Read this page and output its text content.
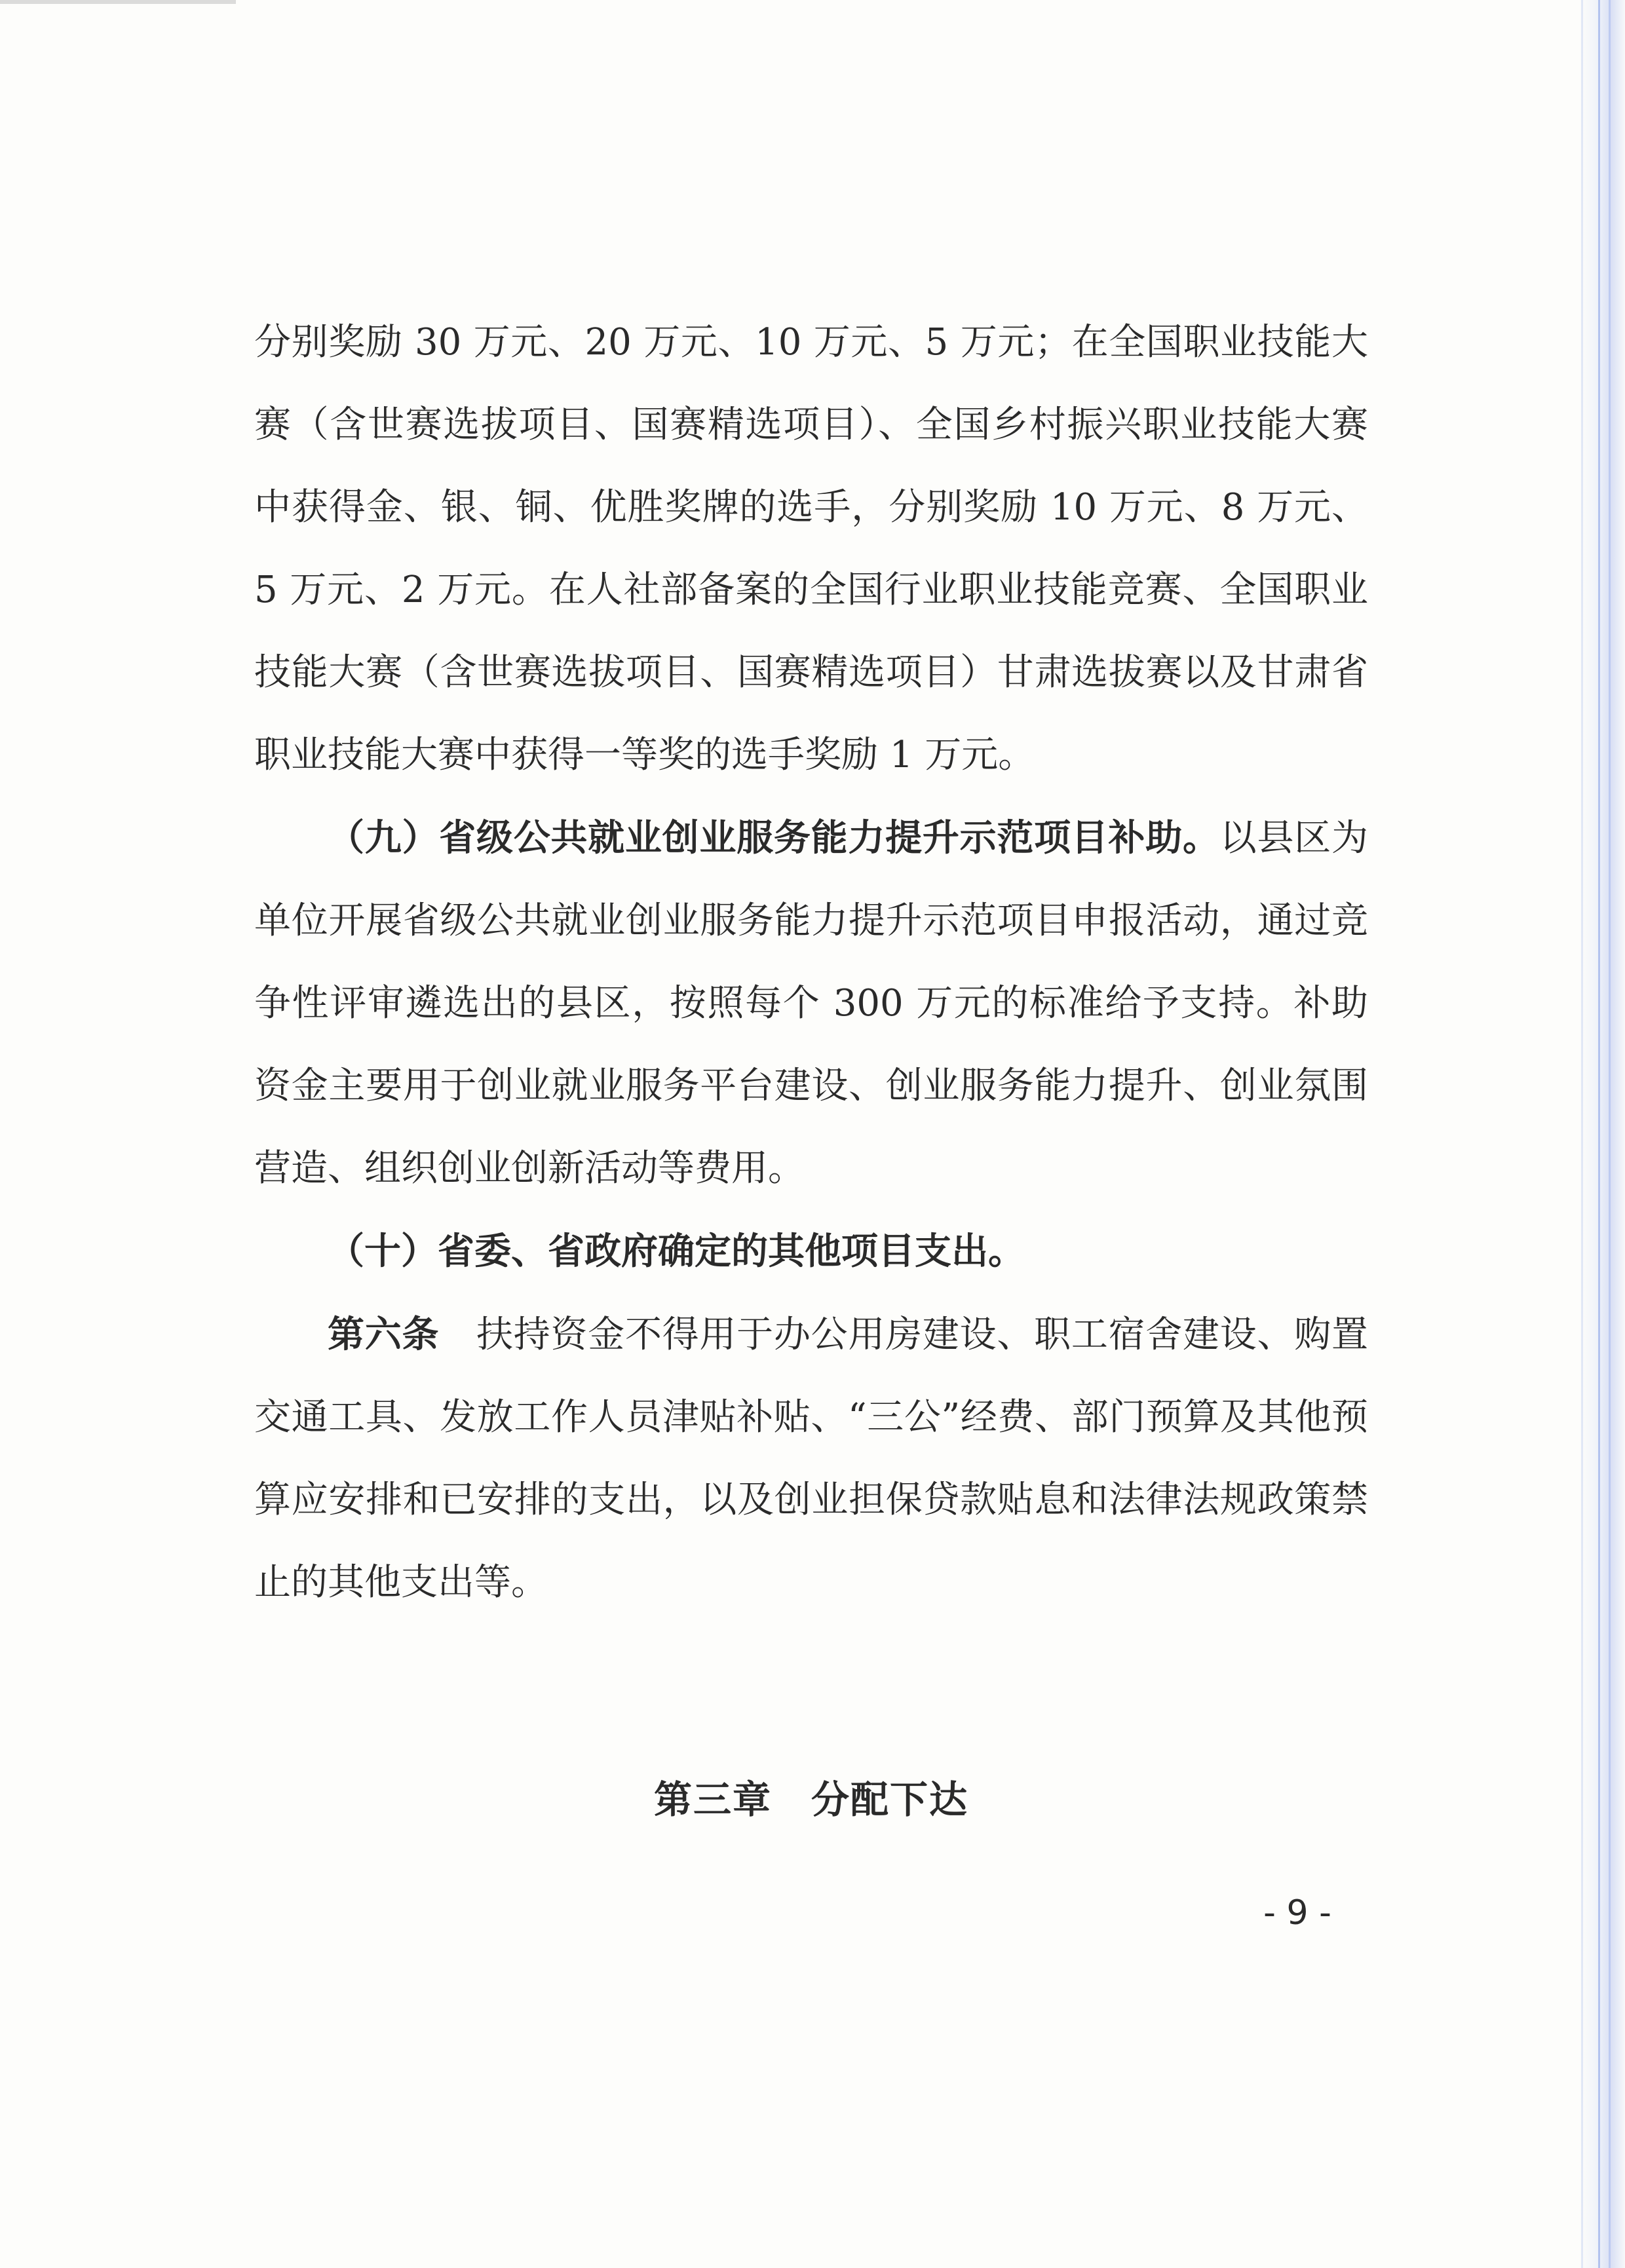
分别奖励 30 万元、20 万元、10 万元、5 万元；在全国职业技能大赛（含世赛选拔项目、国赛精选项目）、全国乡村振兴职业技能大赛中获得金、银、铜、优胜奖牌的选手，分别奖励 10 万元、8 万元、5 万元、2 万元。在人社部备案的全国行业职业技能竞赛、全国职业技能大赛（含世赛选拔项目、国赛精选项目）甘肃选拔赛以及甘肃省职业技能大赛中获得一等奖的选手奖励 1 万元。

（九）省级公共就业创业服务能力提升示范项目补助。以县区为单位开展省级公共就业创业服务能力提升示范项目申报活动，通过竞争性评审遴选出的县区，按照每个 300 万元的标准给予支持。补助资金主要用于创业就业服务平台建设、创业服务能力提升、创业氛围营造、组织创业创新活动等费用。

（十）省委、省政府确定的其他项目支出。

第六条　扶持资金不得用于办公用房建设、职工宿舍建设、购置交通工具、发放工作人员津贴补贴、“三公”经费、部门预算及其他预算应安排和已安排的支出，以及创业担保贷款贴息和法律法规政策禁止的其他支出等。

第三章 分配下达
- 9 -
